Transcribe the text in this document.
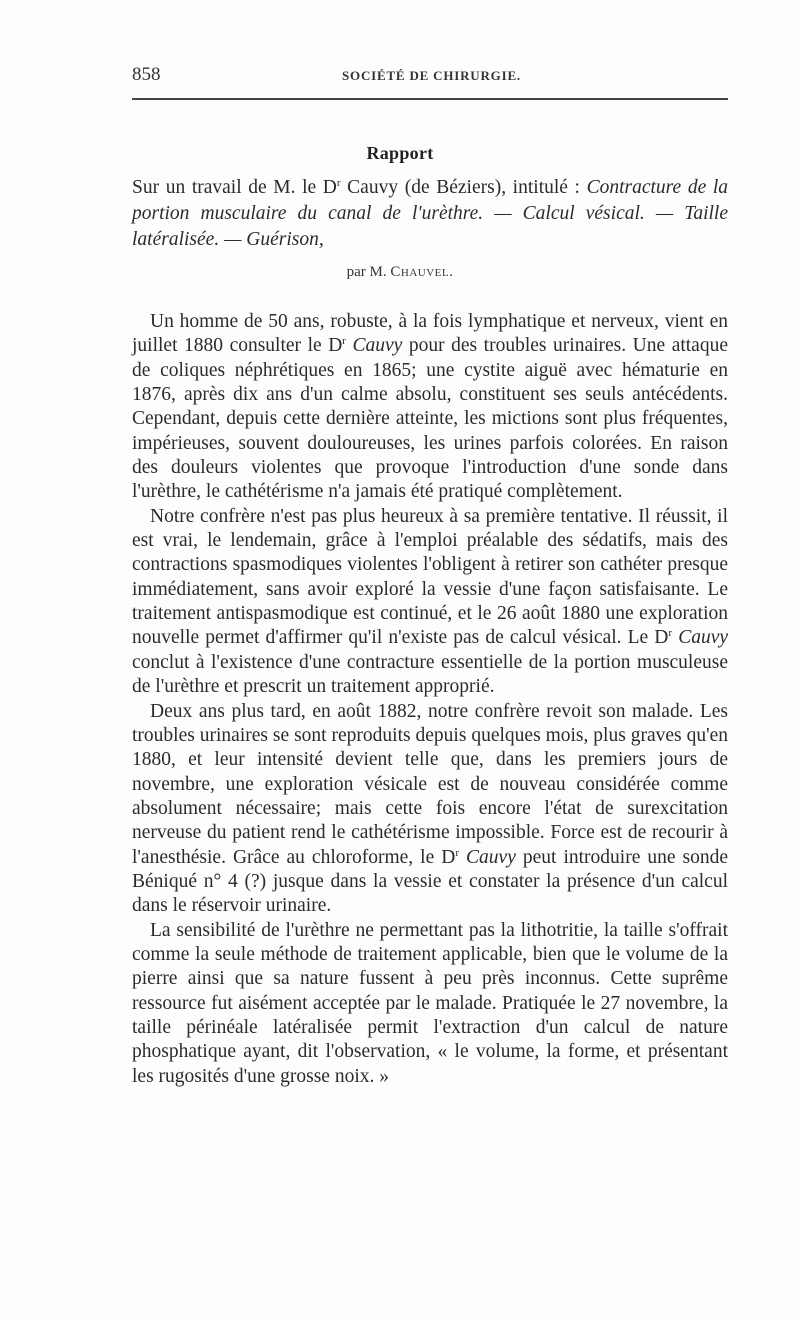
858	SOCIÉTÉ DE CHIRURGIE.
Rapport
Sur un travail de M. le $D^r$ Cauvy (de Béziers), intitulé : Contracture de la portion musculaire du canal de l'urèthre. — Calcul vésical. — Taille latéralisée. — Guérison,
par M. Chauvel.

Un homme de 50 ans, robuste, à la fois lymphatique et nerveux, vient en juillet 1880 consulter le $D^r$ Cauvy pour des troubles urinaires. Une attaque de coliques néphrétiques en 1865; une cystite aiguë avec hématurie en 1876, après dix ans d'un calme absolu, constituent ses seuls antécédents. Cependant, depuis cette dernière atteinte, les mictions sont plus fréquentes, impérieuses, souvent douloureuses, les urines parfois colorées. En raison des douleurs violentes que provoque l'introduction d'une sonde dans l'urèthre, le cathétérisme n'a jamais été pratiqué complètement.

Notre confrère n'est pas plus heureux à sa première tentative. Il réussit, il est vrai, le lendemain, grâce à l'emploi préalable des sédatifs, mais des contractions spasmodiques violentes l'obligent à retirer son cathéter presque immédiatement, sans avoir exploré la vessie d'une façon satisfaisante. Le traitement antispasmodique est continué, et le 26 août 1880 une exploration nouvelle permet d'affirmer qu'il n'existe pas de calcul vésical. Le $D^r$ Cauvy conclut à l'existence d'une contracture essentielle de la portion musculeuse de l'urèthre et prescrit un traitement approprié.

Deux ans plus tard, en août 1882, notre confrère revoit son malade. Les troubles urinaires se sont reproduits depuis quelques mois, plus graves qu'en 1880, et leur intensité devient telle que, dans les premiers jours de novembre, une exploration vésicale est de nouveau considérée comme absolument nécessaire; mais cette fois encore l'état de surexcitation nerveuse du patient rend le cathétérisme impossible. Force est de recourir à l'anesthésie. Grâce au chloroforme, le $D^r$ Cauvy peut introduire une sonde Béniqué n° 4 (?) jusque dans la vessie et constater la présence d'un calcul dans le réservoir urinaire.

La sensibilité de l'urèthre ne permettant pas la lithotritie, la taille s'offrait comme la seule méthode de traitement applicable, bien que le volume de la pierre ainsi que sa nature fussent à peu près inconnus. Cette suprême ressource fut aisément acceptée par le malade. Pratiquée le 27 novembre, la taille périnéale latéralisée permit l'extraction d'un calcul de nature phosphatique ayant, dit l'observation, « le volume, la forme, et présentant les rugosités d'une grosse noix. »
